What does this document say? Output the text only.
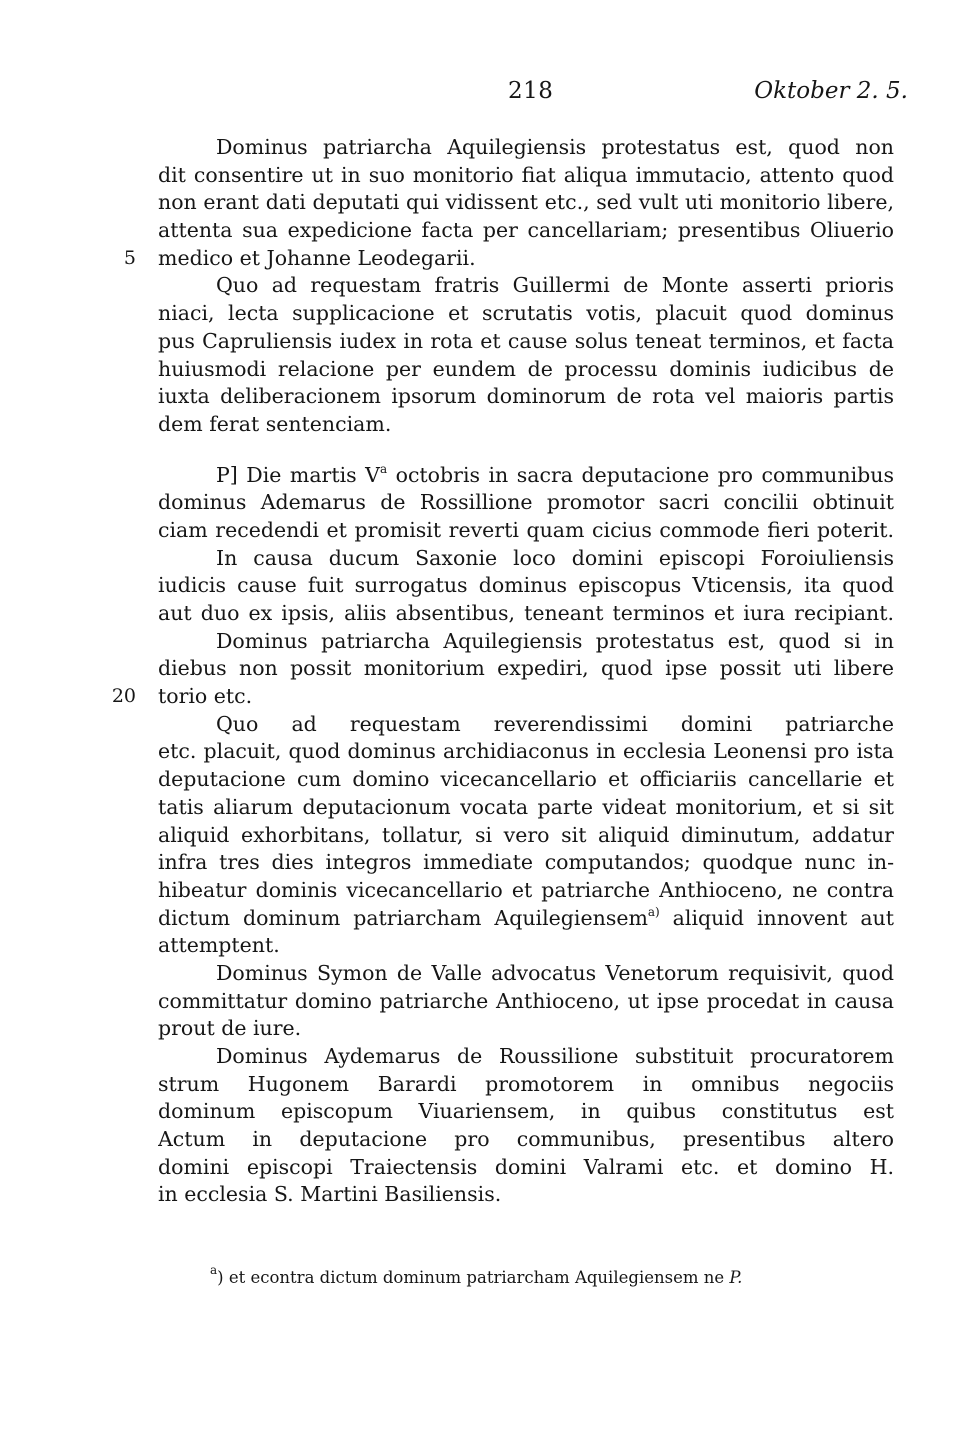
218	Oktober 2. 5.
Dominus patriarcha Aquilegiensis protestatus est, quod non
dit consentire ut in suo monitorio fiat aliqua immutacio, attento quod
non erant dati deputati qui vidissent etc., sed vult uti monitorio libere,
attenta sua expedicione facta per cancellariam; presentibus Oliuerio
5 medico et Johanne Leodegarii.
Quo ad requestam fratris Guillermi de Monte asserti prioris
niaci, lecta supplicacione et scrutatis votis, placuit quod dominus
pus Capruliensis iudex in rota et cause solus teneat terminos, et facta
huiusmodi relacione per eundem de processu dominis iudicibus de
iuxta deliberacionem ipsorum dominorum de rota vel maioris partis
dem ferat sentenciam.
P] Die martis $V^a$ octobris in sacra deputacione pro communibus
dominus Ademarus de Rossillione promotor sacri concilii obtinuit
ciam recedendi et promisit reverti quam cicius commode fieri poterit.
In causa ducum Saxonie loco domini episcopi Foroiuliensis
iudicis cause fuit surrogatus dominus episcopus Vticensis, ita quod
aut duo ex ipsis, aliis absentibus, teneant terminos et iura recipiant.
Dominus patriarcha Aquilegiensis protestatus est, quod si in
diebus non possit monitorium expediri, quod ipse possit uti libere
20 torio etc.
Quo ad requestam reverendissimi domini patriarche
etc. placuit, quod dominus archidiaconus in ecclesia Leonensi pro ista
deputacione cum domino vicecancellario et officiariis cancellarie et
tatis aliarum deputacionum vocata parte videat monitorium, et si sit
aliquid exhorbitans, tollatur, si vero sit aliquid diminutum, addatur
infra tres dies integros immediate computandos; quodque nunc in-
hibeatur dominis vicecancellario et patriarche Anthioceno, ne contra
dictum dominum patriarcham Aquilegiensem$^{a)}$ aliquid innovent aut
attemptent.
Dominus Symon de Valle advocatus Venetorum requisivit, quod
committatur domino patriarche Anthioceno, ut ipse procedat in causa
prout de iure.
Dominus Aydemarus de Roussilione substituit procuratorem
strum Hugonem Barardi promotorem in omnibus negociis
dominum episcopum Viuariensem, in quibus constitutus est
Actum in deputacione pro communibus, presentibus altero
domini episcopi Traiectensis domini Valrami etc. et domino H.
in ecclesia S. Martini Basiliensis.
$^a$) et econtra dictum dominum patriarcham Aquilegiensem ne P.
